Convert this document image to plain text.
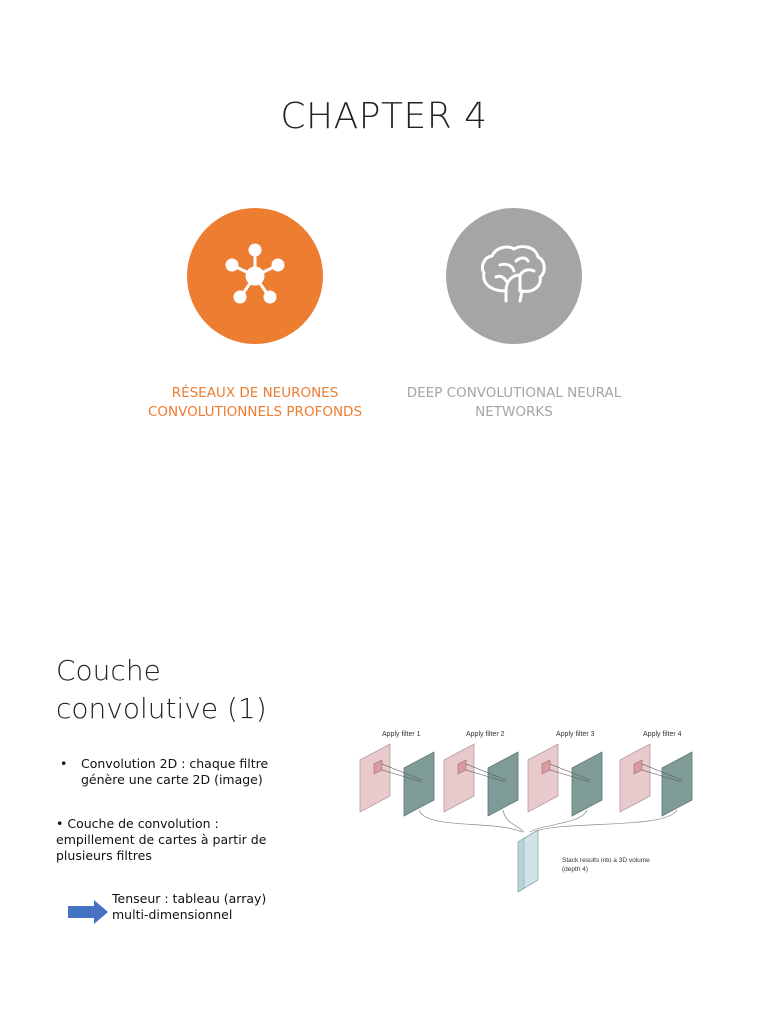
CHAPTER 4
RÉSEAUX DE NEURONES
CONVOLUTIONNELS PROFONDS
DEEP CONVOLUTIONAL NEURAL
NETWORKS
Couche
convolutive (1)
• Convolution 2D : chaque filtre
génère une carte 2D (image)
• Couche de convolution :
empillement de cartes à partir de
plusieurs filtres
Tenseur : tableau (array)
multi-dimensionnel
Apply filter 1	Apply filter 2	Apply filter 3	Apply filter 4
Stack results into a 3D volume
(depth 4)
